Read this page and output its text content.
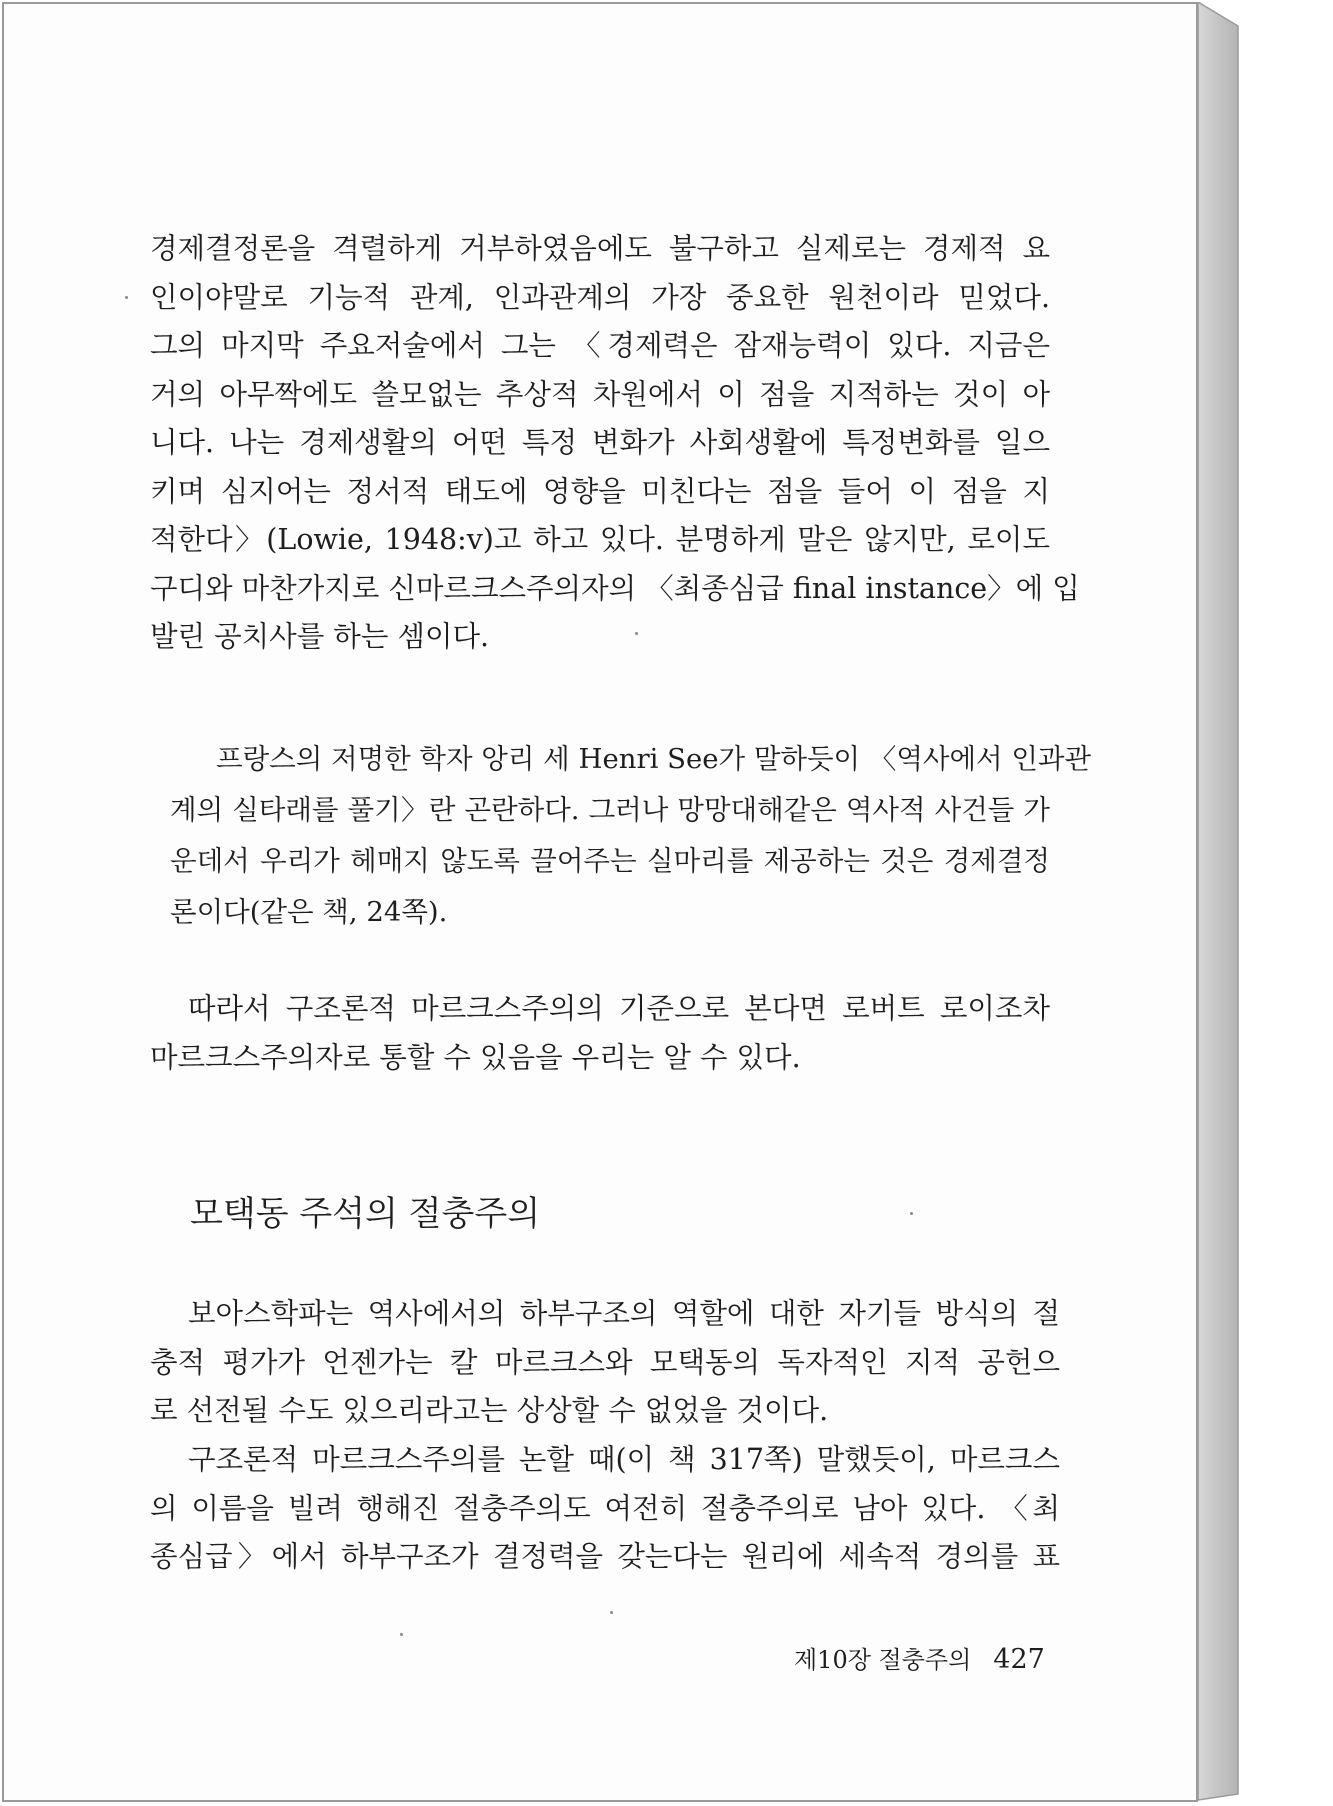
경제결정론을 격렬하게 거부하였음에도 불구하고 실제로는 경제적 요
인이야말로 기능적 관계, 인과관계의 가장 중요한 원천이라 믿었다.
그의 마지막 주요저술에서 그는 〈경제력은 잠재능력이 있다. 지금은
거의 아무짝에도 쓸모없는 추상적 차원에서 이 점을 지적하는 것이 아
니다. 나는 경제생활의 어떤 특정 변화가 사회생활에 특정변화를 일으
키며 심지어는 정서적 태도에 영향을 미친다는 점을 들어 이 점을 지
적한다〉(Lowie, 1948:v)고 하고 있다. 분명하게 말은 않지만, 로이도
구디와 마찬가지로 신마르크스주의자의 〈최종심급 final instance〉에 입
발린 공치사를 하는 셈이다.
프랑스의 저명한 학자 앙리 세 Henri See가 말하듯이 〈역사에서 인과관
계의 실타래를 풀기〉란 곤란하다. 그러나 망망대해같은 역사적 사건들 가
운데서 우리가 헤매지 않도록 끌어주는 실마리를 제공하는 것은 경제결정
론이다(같은 책, 24쪽).
따라서 구조론적 마르크스주의의 기준으로 본다면 로버트 로이조차
마르크스주의자로 통할 수 있음을 우리는 알 수 있다.
모택동 주석의 절충주의
보아스학파는 역사에서의 하부구조의 역할에 대한 자기들 방식의 절
충적 평가가 언젠가는 칼 마르크스와 모택동의 독자적인 지적 공헌으
로 선전될 수도 있으리라고는 상상할 수 없었을 것이다.
구조론적 마르크스주의를 논할 때(이 책 317쪽) 말했듯이, 마르크스
의 이름을 빌려 행해진 절충주의도 여전히 절충주의로 남아 있다. 〈최
종심급〉에서 하부구조가 결정력을 갖는다는 원리에 세속적 경의를 표
제10장 절충주의 427
